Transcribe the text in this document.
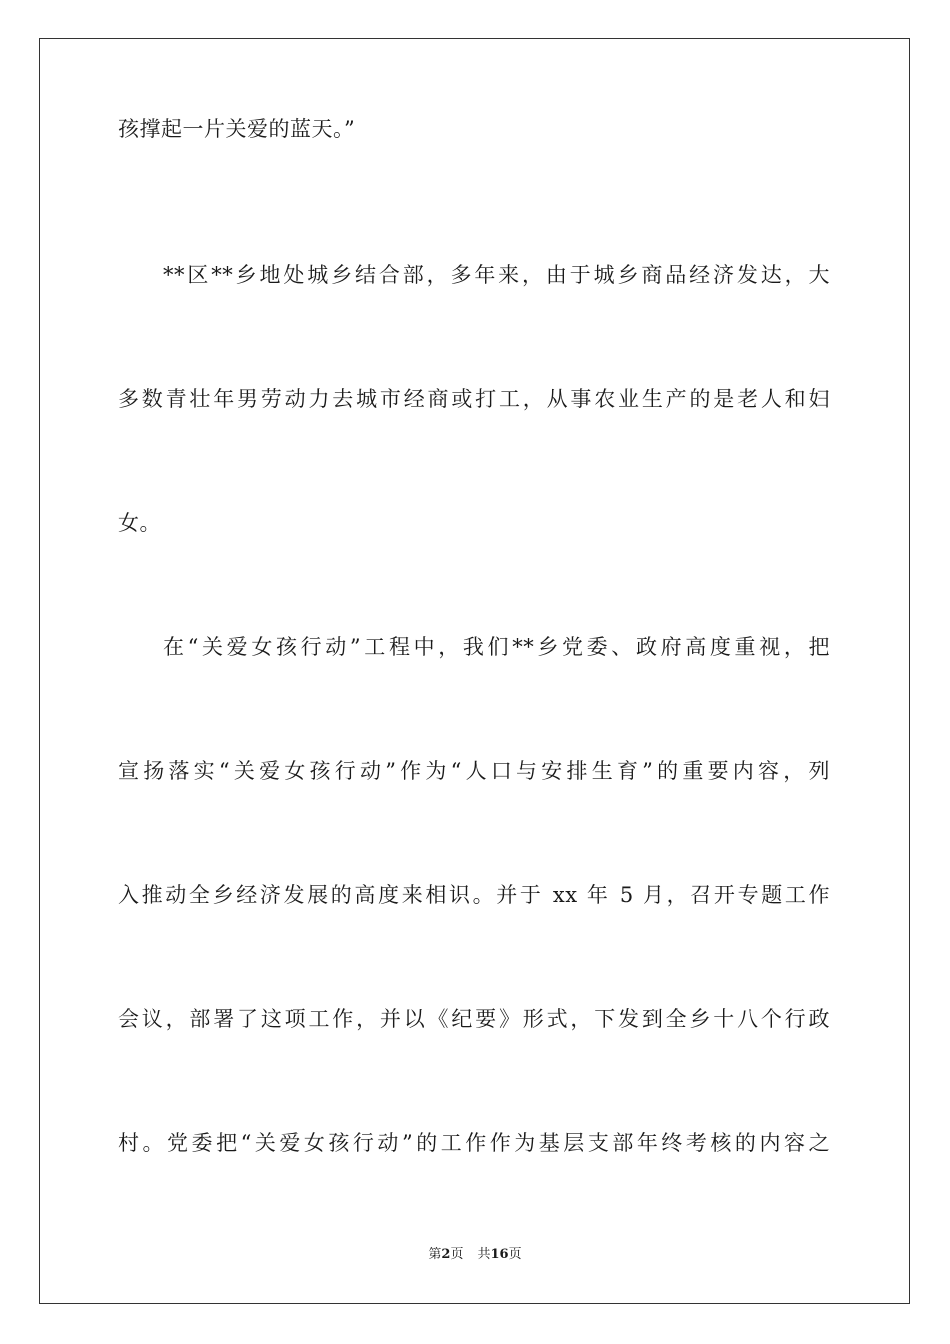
孩撑起一片关爱的蓝天。”
**区**乡地处城乡结合部，多年来，由于城乡商品经济发达，大
多数青壮年男劳动力去城市经商或打工，从事农业生产的是老人和妇
女。
在“关爱女孩行动”工程中，我们**乡党委、政府高度重视，把
宣扬落实“关爱女孩行动”作为“人口与安排生育”的重要内容，列
入推动全乡经济发展的高度来相识。并于 xx 年 5 月，召开专题工作
会议，部署了这项工作，并以《纪要》形式，下发到全乡十八个行政
村。党委把“关爱女孩行动”的工作作为基层支部年终考核的内容之
第2页 共16页
